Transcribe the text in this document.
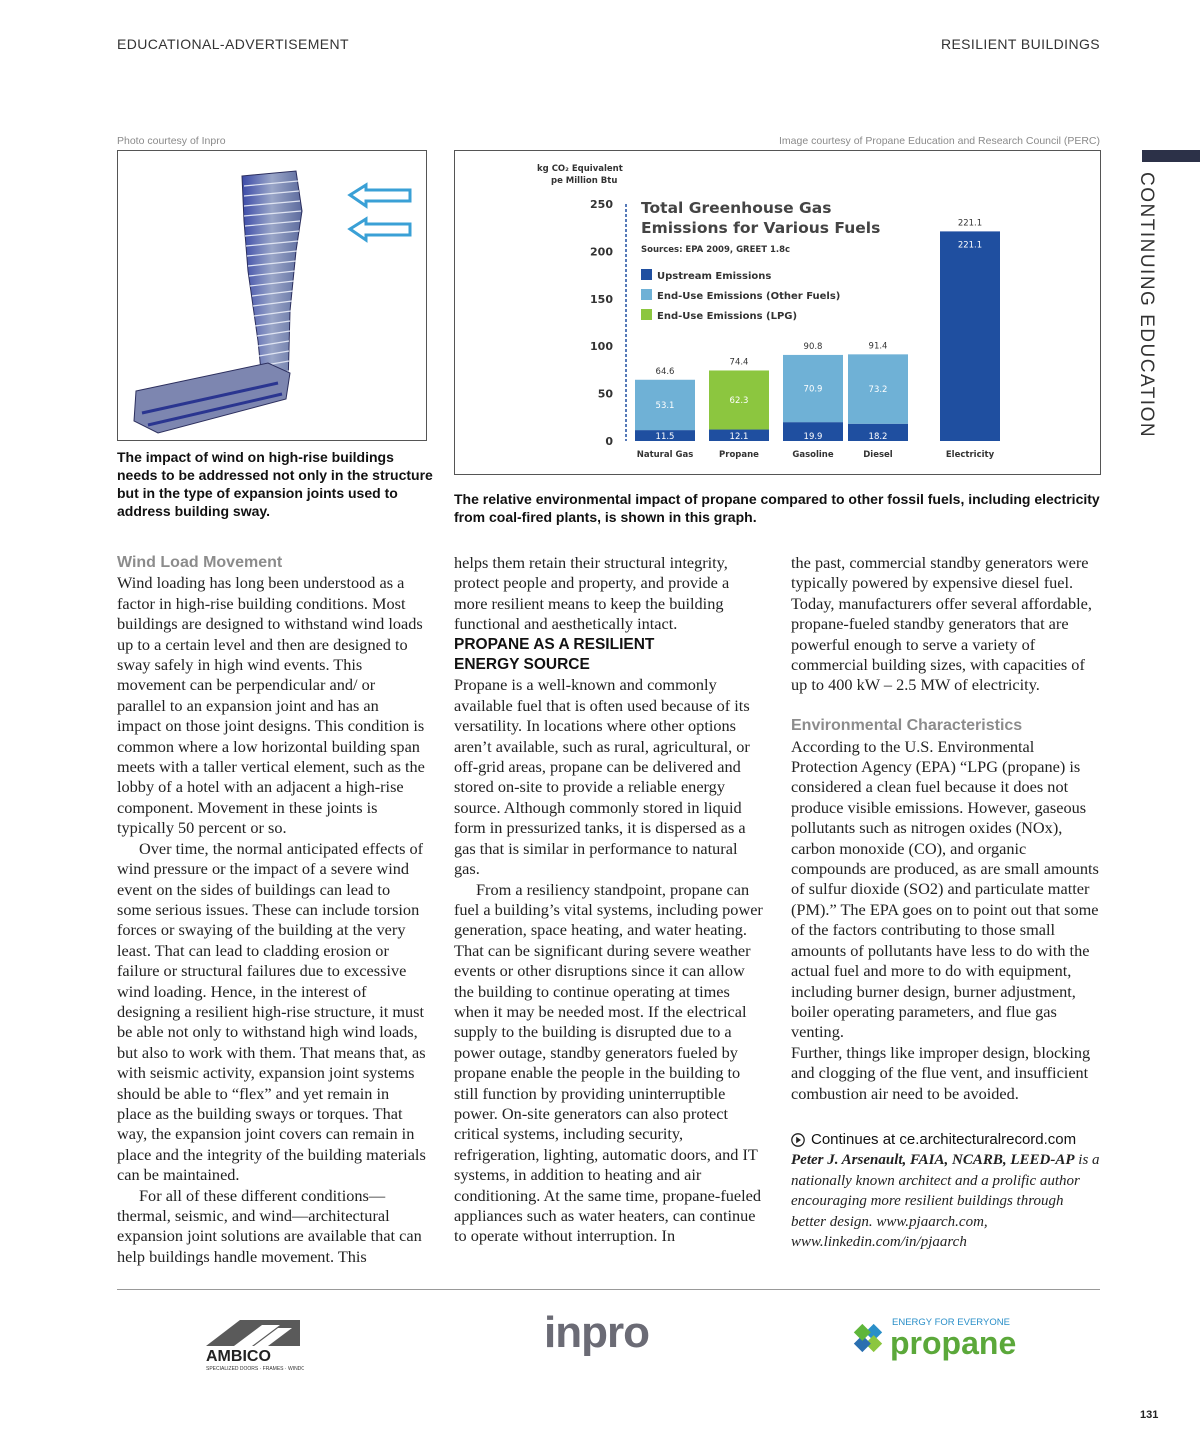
EDUCATIONAL-ADVERTISEMENT	RESILIENT BUILDINGS
CONTINUING EDUCATION
Photo courtesy of Inpro
The impact of wind on high-rise buildings needs to be addressed not only in the structure but in the type of expansion joints used to address building sway.
Image courtesy of Propane Education and Research Council (PERC)
kg CO₂ Equivalent
pe Million Btu
Total Greenhouse Gas
Emissions for Various Fuels
Sources: EPA 2009, GREET 1.8c
0
50
100
150
200
250
11.5
53.1
64.6
Natural Gas
12.1
62.3
74.4
Propane
19.9
70.9
90.8
Gasoline
18.2
73.2
91.4
Diesel
221.1
221.1
Electricity
Upstream Emissions
End-Use Emissions (Other Fuels)
End-Use Emissions (LPG)
The relative environmental impact of propane compared to other fossil fuels, including electricity from coal-fired plants, is shown in this graph.

Wind Load Movement

Wind loading has long been understood as a factor in high-rise building conditions. Most buildings are designed to withstand wind loads up to a certain level and then are designed to sway safely in high wind events. This movement can be perpendicular and/ or parallel to an expansion joint and has an impact on those joint designs. This condition is common where a low horizontal building span meets with a taller vertical element, such as the lobby of a hotel with an adjacent a high-rise component. Movement in these joints is typically 50 percent or so.

Over time, the normal anticipated effects of wind pressure or the impact of a severe wind event on the sides of buildings can lead to some serious issues. These can include torsion forces or swaying of the building at the very least. That can lead to cladding erosion or failure or structural failures due to excessive wind loading. Hence, in the interest of designing a resilient high-rise structure, it must be able not only to withstand high wind loads, but also to work with them. That means that, as with seismic activity, expansion joint systems should be able to “flex” and yet remain in place as the building sways or torques. That way, the expansion joint covers can remain in place and the integrity of the building materials can be maintained.

For all of these different conditions—thermal, seismic, and wind—architectural expansion joint solutions are available that can help buildings handle movement. This

helps them retain their structural integrity, protect people and property, and provide a more resilient means to keep the building functional and aesthetically intact.

PROPANE AS A RESILIENT

ENERGY SOURCE

Propane is a well-known and commonly available fuel that is often used because of its versatility. In locations where other options aren’t available, such as rural, agricultural, or off-grid areas, propane can be delivered and stored on-site to provide a reliable energy source. Although commonly stored in liquid form in pressurized tanks, it is dispersed as a gas that is similar in performance to natural gas.

From a resiliency standpoint, propane can fuel a building’s vital systems, including power generation, space heating, and water heating. That can be significant during severe weather events or other disruptions since it can allow the building to continue operating at times when it may be needed most. If the electrical supply to the building is disrupted due to a power outage, standby generators fueled by propane enable the people in the building to still function by providing uninterruptible power. On-site generators can also protect critical systems, including security, refrigeration, lighting, automatic doors, and IT systems, in addition to heating and air conditioning. At the same time, propane-fueled appliances such as water heaters, can continue to operate without interruption. In

the past, commercial standby generators were typically powered by expensive diesel fuel. Today, manufacturers offer several affordable, propane-fueled standby generators that are powerful enough to serve a variety of commercial building sizes, with capacities of up to 400 kW – 2.5 MW of electricity.

Environmental Characteristics

According to the U.S. Environmental Protection Agency (EPA) “LPG (propane) is considered a clean fuel because it does not produce visible emissions. However, gaseous pollutants such as nitrogen oxides (NOx), carbon monoxide (CO), and organic compounds are produced, as are small amounts of sulfur dioxide (SO2) and particulate matter (PM).” The EPA goes on to point out that some of the factors contributing to those small amounts of pollutants have less to do with the actual fuel and more to do with equipment, including burner design, burner adjustment, boiler operating parameters, and flue gas venting.

Further, things like improper design, blocking and clogging of the flue vent, and insufficient combustion air need to be avoided.

Continues at ce.architecturalrecord.com

Peter J. Arsenault, FAIA, NCARB, LEED-AP is a nationally known architect and a prolific author encouraging more resilient buildings through better design. www.pjaarch.com, www.linkedin.com/in/pjaarch

AMBICO
SPECIALIZED DOORS · FRAMES · WINDOWS
inpro	ENERGY FOR EVERYONE
propane
131
